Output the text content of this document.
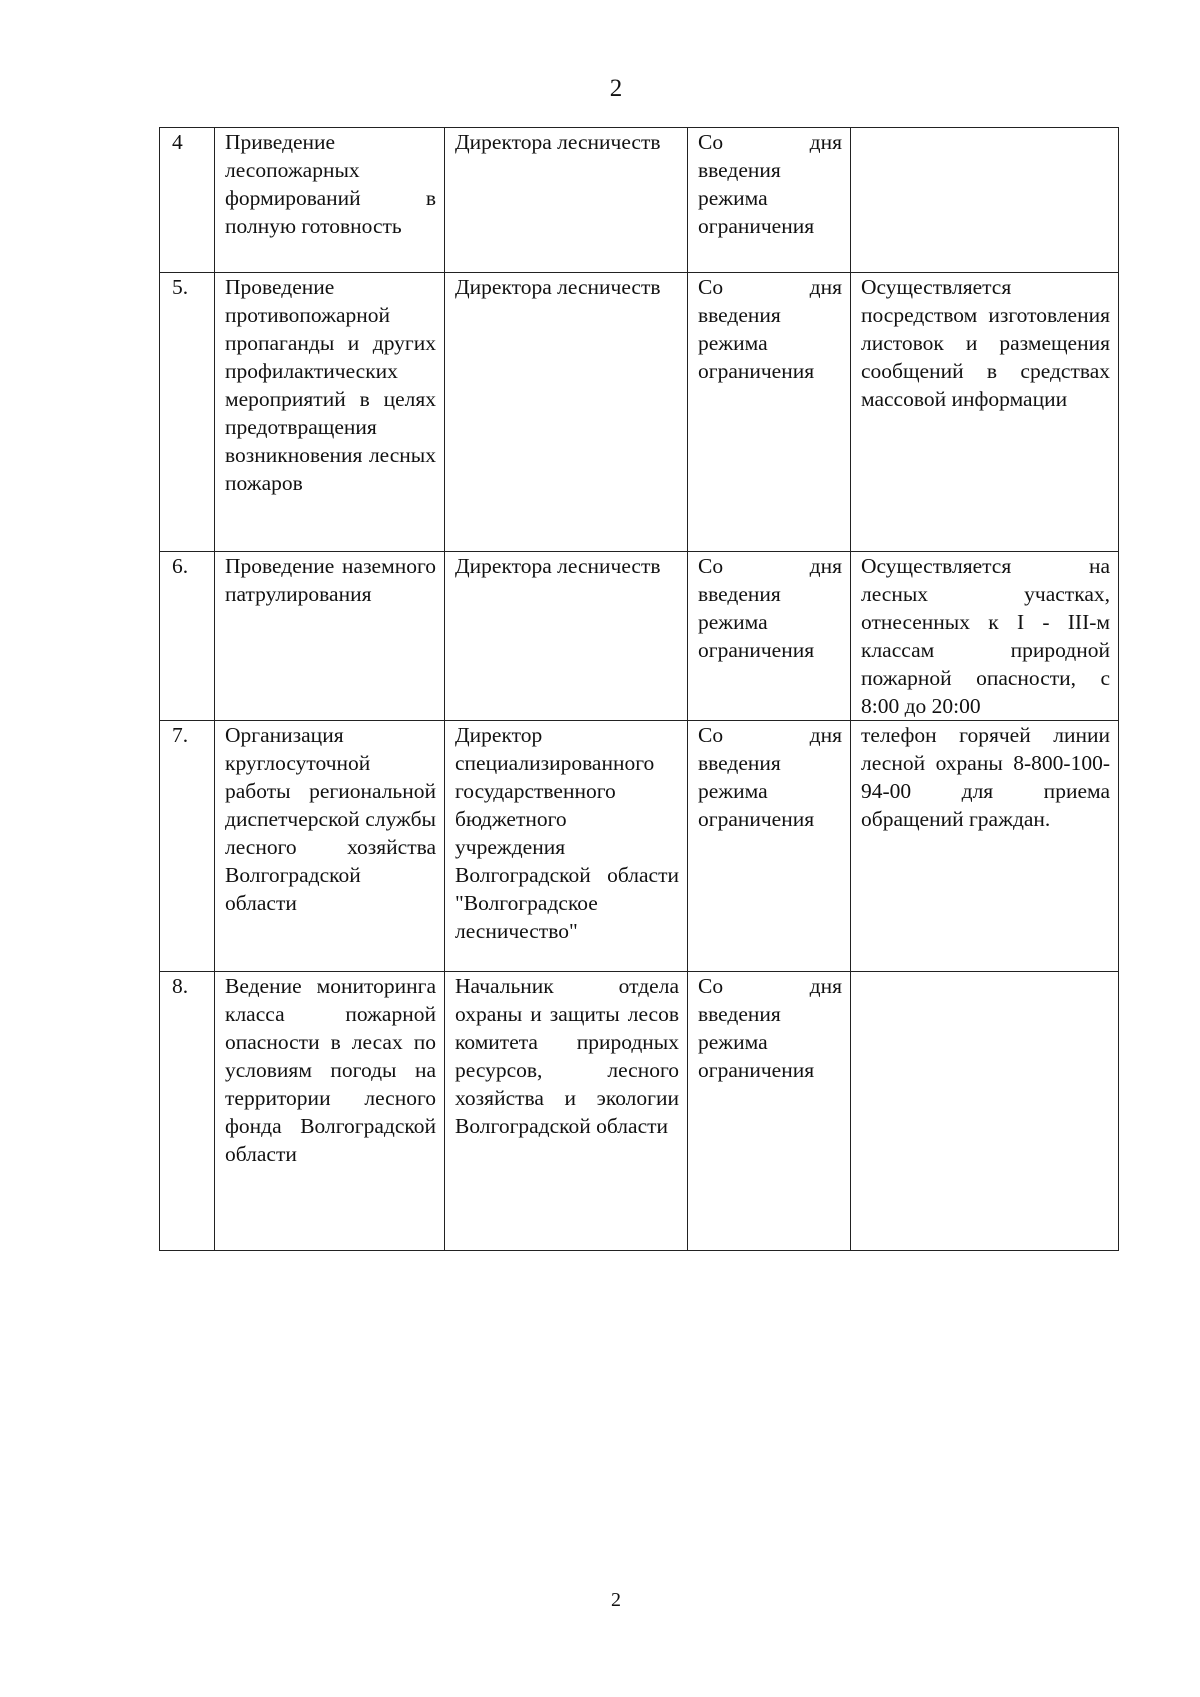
2
4	Приведение лесопожарных формирований в полную готовность	Директора лесничеств	Со дня введения режима ограничения	
5.	Проведение противопожарной пропаганды и других профилактических мероприятий в целях предотвращения возникновения лесных пожаров	Директора лесничеств	Со дня введения режима ограничения	Осуществляется посредством изготовления листовок и размещения сообщений в средствах массовой информации
6.	Проведение наземного патрулирования	Директора лесничеств	Со дня введения режима ограничения	Осуществляется на лесных участках, отнесенных к I - III-м классам природной пожарной опасности, с 8:00 до 20:00
7.	Организация круглосуточной работы региональной диспетчерской службы лесного хозяйства Волгоградской области	Директор специализированного государственного бюджетного учреждения Волгоградской области "Волгоградское лесничество"	Со дня введения режима ограничения	телефон горячей линии лесной охраны 8-800-100-94-00 для приема обращений граждан.
8.	Ведение мониторинга класса пожарной опасности в лесах по условиям погоды на территории лесного фонда Волгоградской области	Начальник отдела охраны и защиты лесов комитета природных ресурсов, лесного хозяйства и экологии Волгоградской области	Со дня введения режима ограничения	
2
